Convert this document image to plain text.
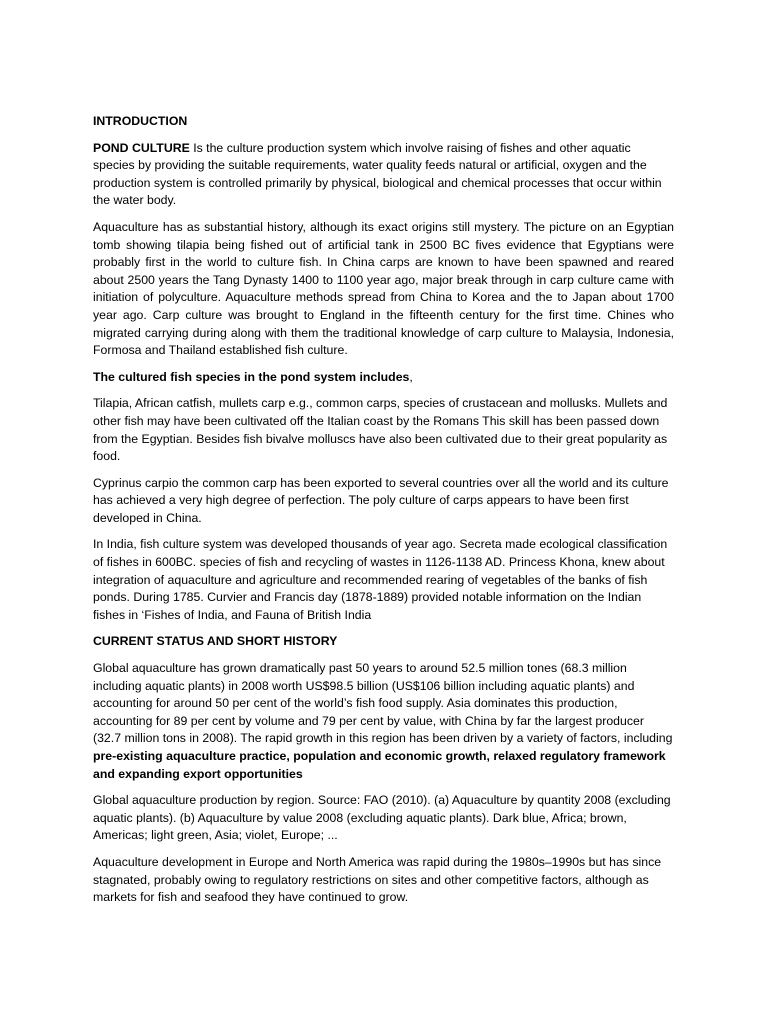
INTRODUCTION

POND CULTURE Is the culture production system which involve raising of fishes and other aquatic species by providing the suitable requirements, water quality feeds natural or artificial, oxygen and the production system is controlled primarily by physical, biological and chemical processes that occur within the water body.

Aquaculture has as substantial history, although its exact origins still mystery. The picture on an Egyptian tomb showing tilapia being fished out of artificial tank in 2500 BC fives evidence that Egyptians were probably first in the world to culture fish. In China carps are known to have been spawned and reared about 2500 years the Tang Dynasty 1400 to 1100 year ago, major break through in carp culture came with initiation of polyculture. Aquaculture methods spread from China to Korea and the to Japan about 1700 year ago. Carp culture was brought to England in the fifteenth century for the first time. Chines who migrated carrying during along with them the traditional knowledge of carp culture to Malaysia, Indonesia, Formosa and Thailand established fish culture.

The cultured fish species in the pond system includes,

Tilapia, African catfish, mullets carp e.g., common carps, species of crustacean and mollusks. Mullets and other fish may have been cultivated off the Italian coast by the Romans This skill has been passed down from the Egyptian. Besides fish bivalve molluscs have also been cultivated due to their great popularity as food.

Cyprinus carpio the common carp has been exported to several countries over all the world and its culture has achieved a very high degree of perfection. The poly culture of carps appears to have been first developed in China.

In India, fish culture system was developed thousands of year ago. Secreta made ecological classification of fishes in 600BC. species of fish and recycling of wastes in 1126-1138 AD. Princess Khona, knew about integration of aquaculture and agriculture and recommended rearing of vegetables of the banks of fish ponds. During 1785. Curvier and Francis day (1878-1889) provided notable information on the Indian fishes in ‘Fishes of India, and Fauna of British India

CURRENT STATUS AND SHORT HISTORY

Global aquaculture has grown dramatically past 50 years to around 52.5 million tones (68.3 million including aquatic plants) in 2008 worth US$98.5 billion (US$106 billion including aquatic plants) and accounting for around 50 per cent of the world’s fish food supply. Asia dominates this production, accounting for 89 per cent by volume and 79 per cent by value, with China by far the largest producer (32.7 million tons in 2008). The rapid growth in this region has been driven by a variety of factors, including pre-existing aquaculture practice, population and economic growth, relaxed regulatory framework and expanding export opportunities

Global aquaculture production by region. Source: FAO (2010). (a) Aquaculture by quantity 2008 (excluding aquatic plants). (b) Aquaculture by value 2008 (excluding aquatic plants). Dark blue, Africa; brown, Americas; light green, Asia; violet, Europe; ...

Aquaculture development in Europe and North America was rapid during the 1980s–1990s but has since stagnated, probably owing to regulatory restrictions on sites and other competitive factors, although as markets for fish and seafood they have continued to grow.
